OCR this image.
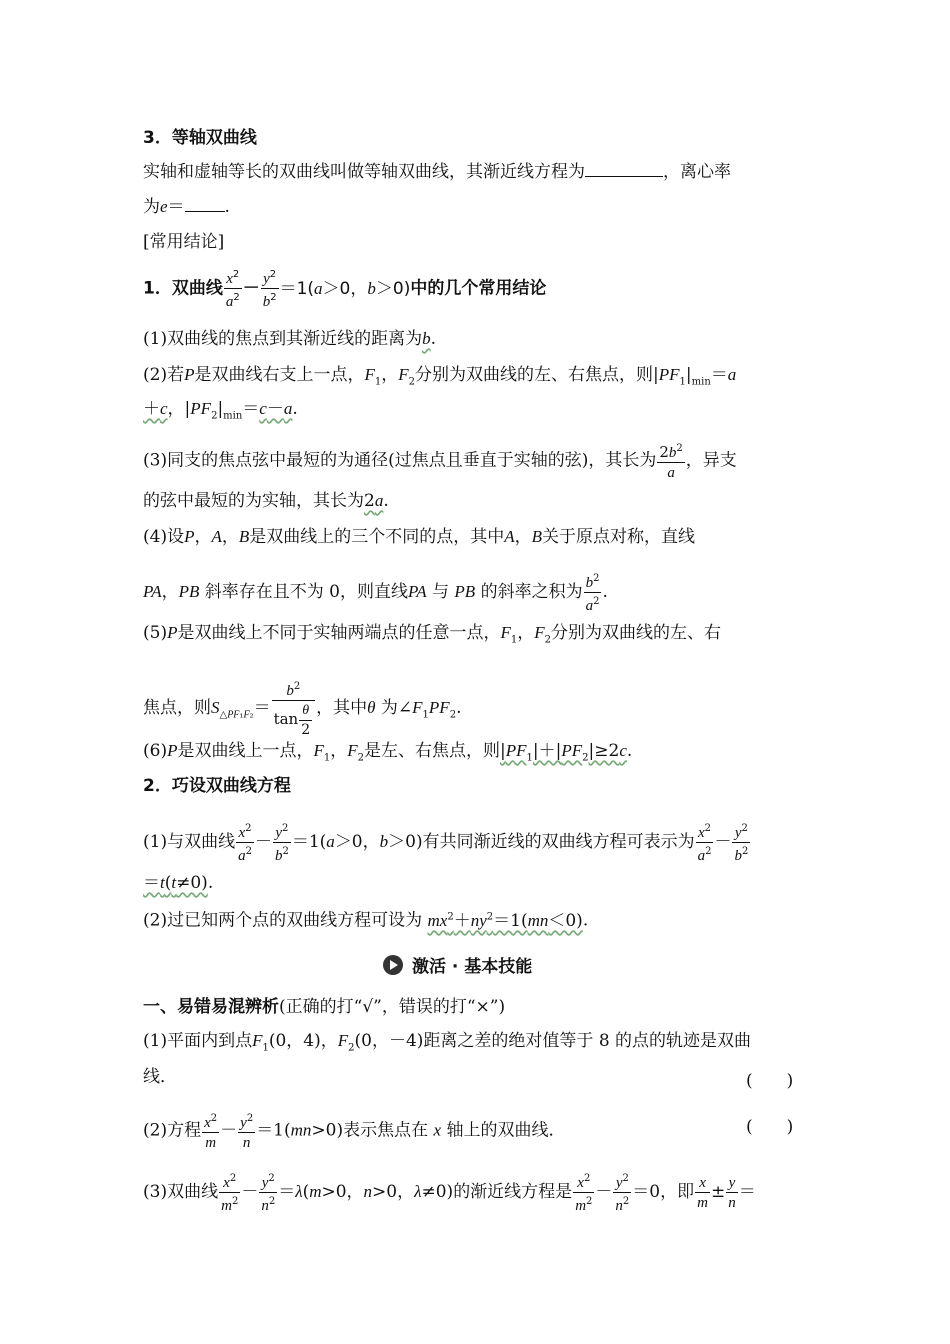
3．等轴双曲线
实轴和虚轴等长的双曲线叫做等轴双曲线，其渐近线方程为	，离心率
为e＝ .
[常用结论]
1．双曲线 $\frac{x^2}{a^2} - \frac{y^2}{b^2} =1(a>0$，b＞0)中的几个常用结论
(1)双曲线的焦点到其渐近线的距离为b.
(2)若P是双曲线右支上一点，$F_1$，$F_2$分别为双曲线的左、右焦点，则$|PF_1|_{min}=a$
＋c，$|PF_2|_{min}=c-a$.
(3)同支的焦点弦中最短的为通径(过焦点且垂直于实轴的弦)，其长为 $\frac{2b^2}{a}$ ，异支
的弦中最短的为实轴，其长为2a.
(4)设P，A，B是双曲线上的三个不同的点，其中A，B关于原点对称，直线
PA，PB 斜率存在且不为 0，则直线PA 与 PB 的斜率之积为 $\frac{b^2}{a^2}$ .
(5)P是双曲线上不同于实轴两端点的任意一点，$F_1$，$F_2$分别为双曲线的左、右
焦点，则$S_{\triangle PF_1F_2}= \frac{b^2}{\tan \frac{\theta}{2}}$ ，其中θ 为$\angle F_1PF_2$.
(6)P是双曲线上一点，$F_1$，$F_2$是左、右焦点，则$|PF_1|+|PF_2|\ge 2c$.
2．巧设双曲线方程
(1)与双曲线 $\frac{x^2}{a^2} - \frac{y^2}{b^2} =1(a>0$，b＞0)有共同渐近线的双曲线方程可表示为 $\frac{x^2}{a^2} - \frac{y^2}{b^2}$
＝t(t≠0).
(2)过已知两个点的双曲线方程可设为 $mx^2+ny^2=1(mn<0)$.
激活 · 基本技能
一、易错易混辨析(正确的打“√”，错误的打“×”)
(1)平面内到点$F_1(0$，4)，$F_2(0$，－4)距离之差的绝对值等于 8 的点的轨迹是双曲
线．	(　　)
(2)方程 $\frac{x^2}{m} - \frac{y^2}{n} =1(mn>0)$表示焦点在 x 轴上的双曲线．	(　　)
(3)双曲线 $\frac{x^2}{m^2} - \frac{y^2}{n^2} =\lambda(m>0$，n>0，λ≠0)的渐近线方程是 $\frac{x^2}{m^2} - \frac{y^2}{n^2} =0$，即 $\frac{x}{m} \pm \frac{y}{n}$ ＝
